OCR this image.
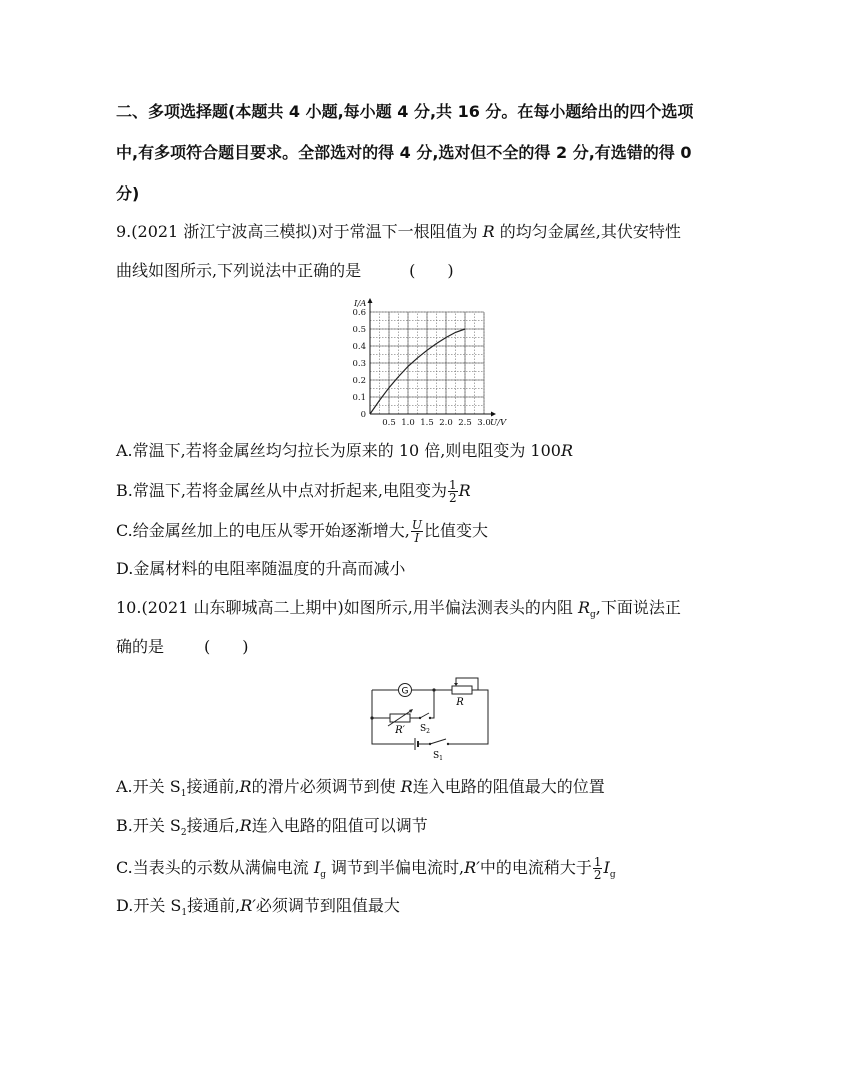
二、多项选择题(本题共 4 小题,每小题 4 分,共 16 分。在每小题给出的四个选项
中,有多项符合题目要求。全部选对的得 4 分,选对但不全的得 2 分,有选错的得 0
分)
9.(2021 浙江宁波高三模拟)对于常温下一根阻值为 R 的均匀金属丝,其伏安特性
曲线如图所示,下列说法中正确的是	(　　)
0
0.1
0.2
0.3
0.4
0.5
0.6
0.5 1.0 1.5 2.0 2.5 3.0
I/A
U/V
A.常温下,若将金属丝均匀拉长为原来的 10 倍,则电阻变为 100R
B.常温下,若将金属丝从中点对折起来,电阻变为 $\frac{1}{2}$ R
C.给金属丝加上的电压从零开始逐渐增大, $\frac{U}{I}$ 比值变大
D.金属材料的电阻率随温度的升高而减小
10.(2021 山东聊城高二上期中)如图所示,用半偏法测表头的内阻 $R_g$,下面说法正
确的是	(　　)
G
R
R′ $S_2$
$S_1$
A.开关 $S_1$接通前,R的滑片必须调节到使 R连入电路的阻值最大的位置
B.开关 $S_2$接通后,R连入电路的阻值可以调节
C.当表头的示数从满偏电流 $I_g$ 调节到半偏电流时,R′中的电流稍大于 $\frac{1}{2} I_g$
D.开关 $S_1$接通前,R′必须调节到阻值最大
